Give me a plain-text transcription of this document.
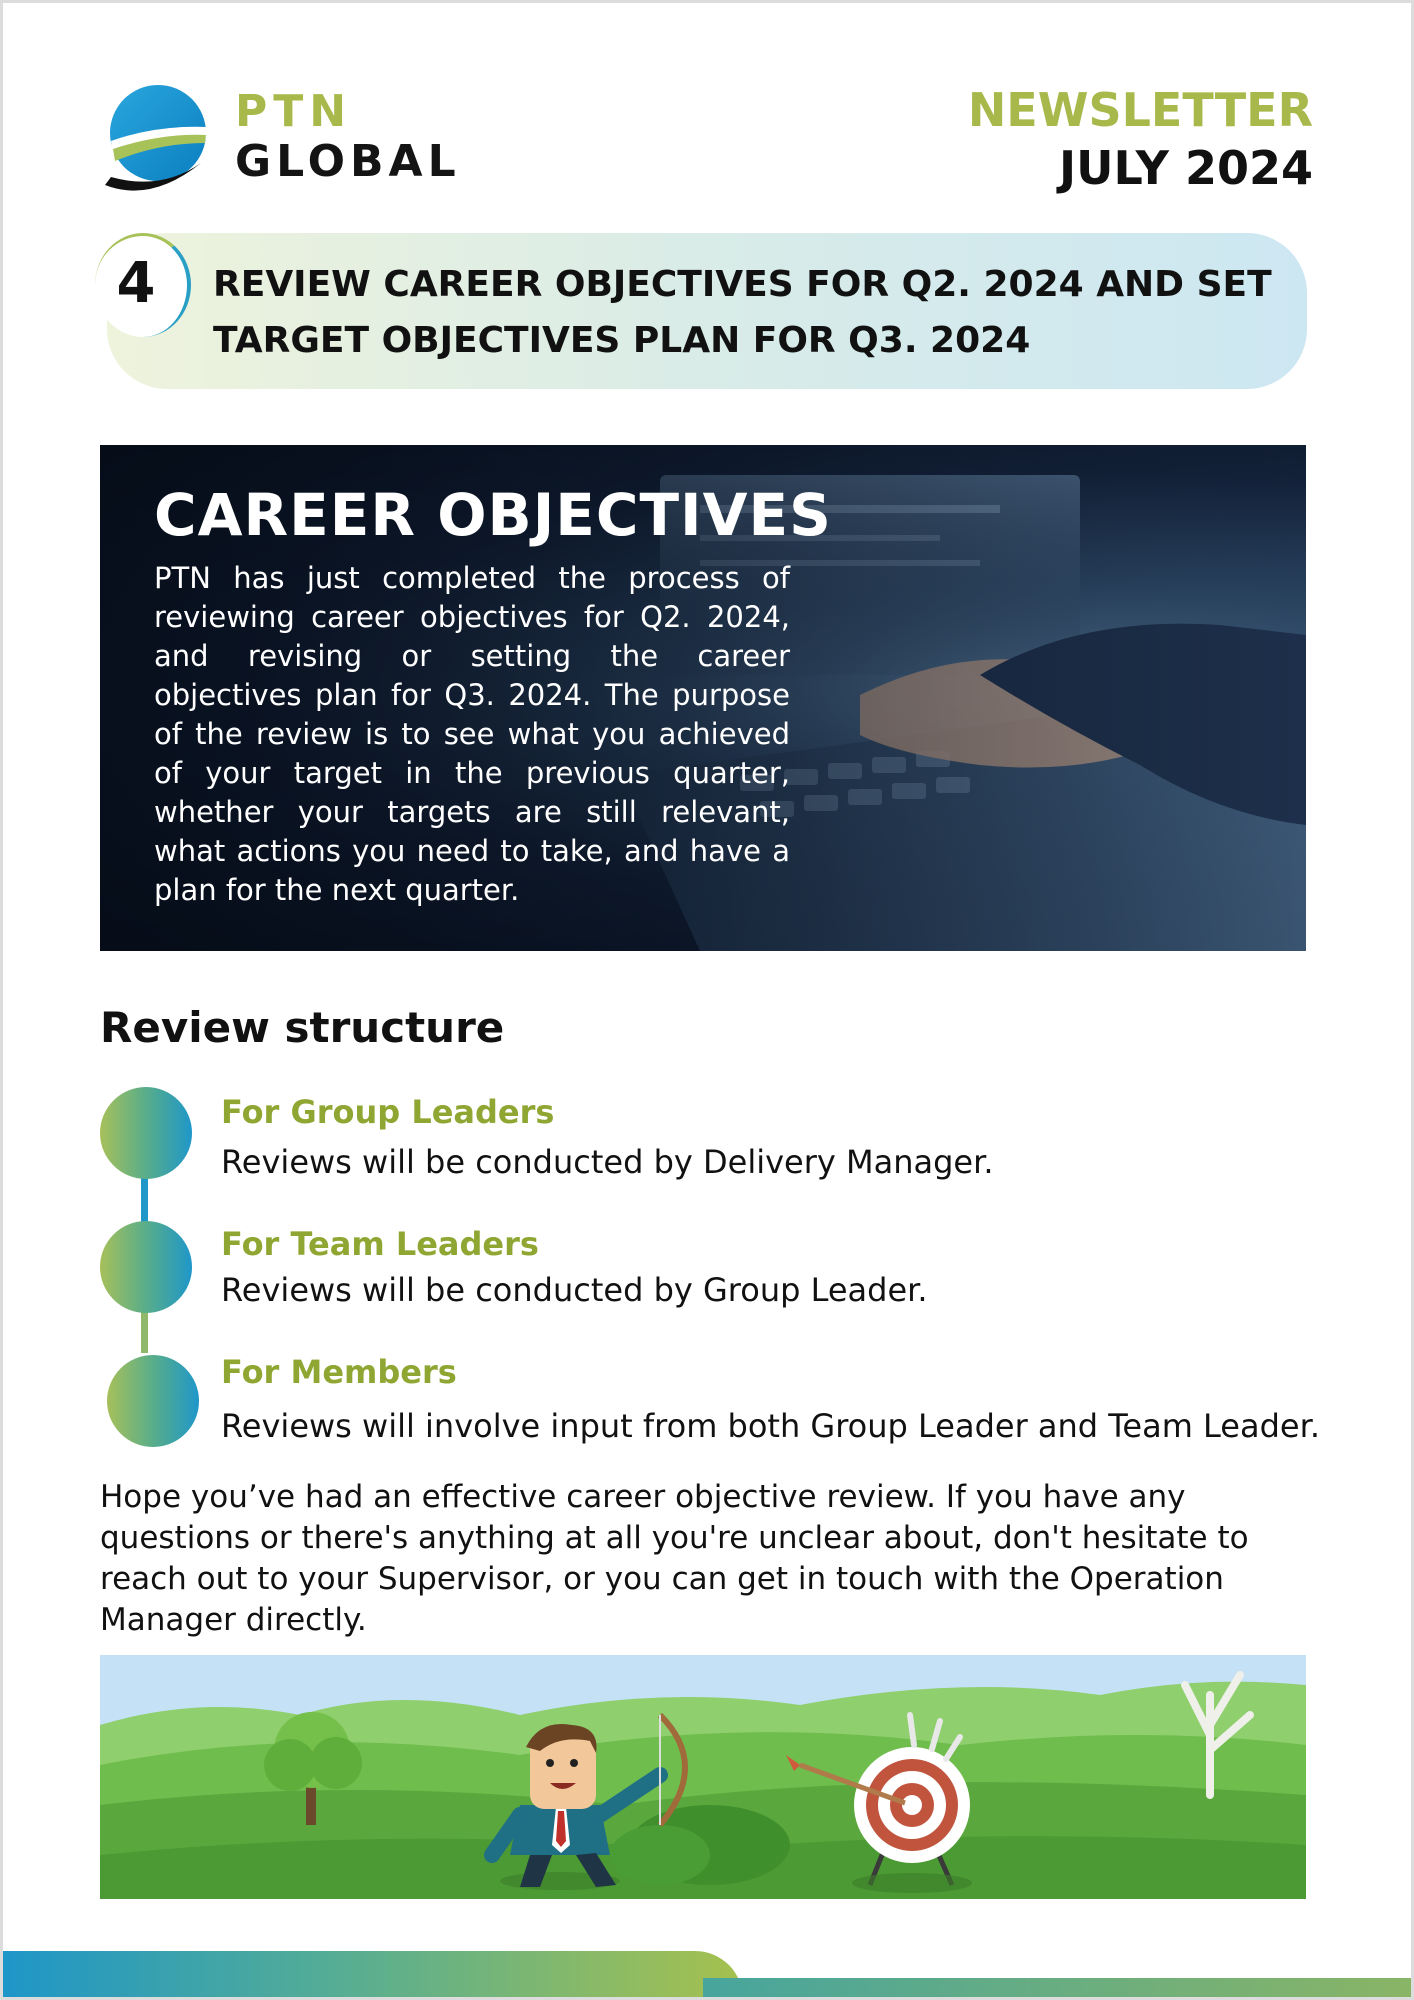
PTN
GLOBAL
NEWSLETTER
JULY 2024
4 REVIEW CAREER OBJECTIVES FOR Q2. 2024 AND SET TARGET OBJECTIVES PLAN FOR Q3. 2024
CAREER OBJECTIVES
PTN has just completed the process of reviewing career objectives for Q2. 2024, and revising or setting the career objectives plan for Q3. 2024. The purpose of the review is to see what you achieved of your target in the previous quarter, whether your targets are still relevant, what actions you need to take, and have a plan for the next quarter.
Review structure
For Group Leaders
Reviews will be conducted by Delivery Manager.
For Team Leaders
Reviews will be conducted by Group Leader.
For Members
Reviews will involve input from both Group Leader and Team Leader.
Hope you’ve had an effective career objective review. If you have any questions or there's anything at all you're unclear about, don't hesitate to reach out to your Supervisor, or you can get in touch with the Operation Manager directly.
